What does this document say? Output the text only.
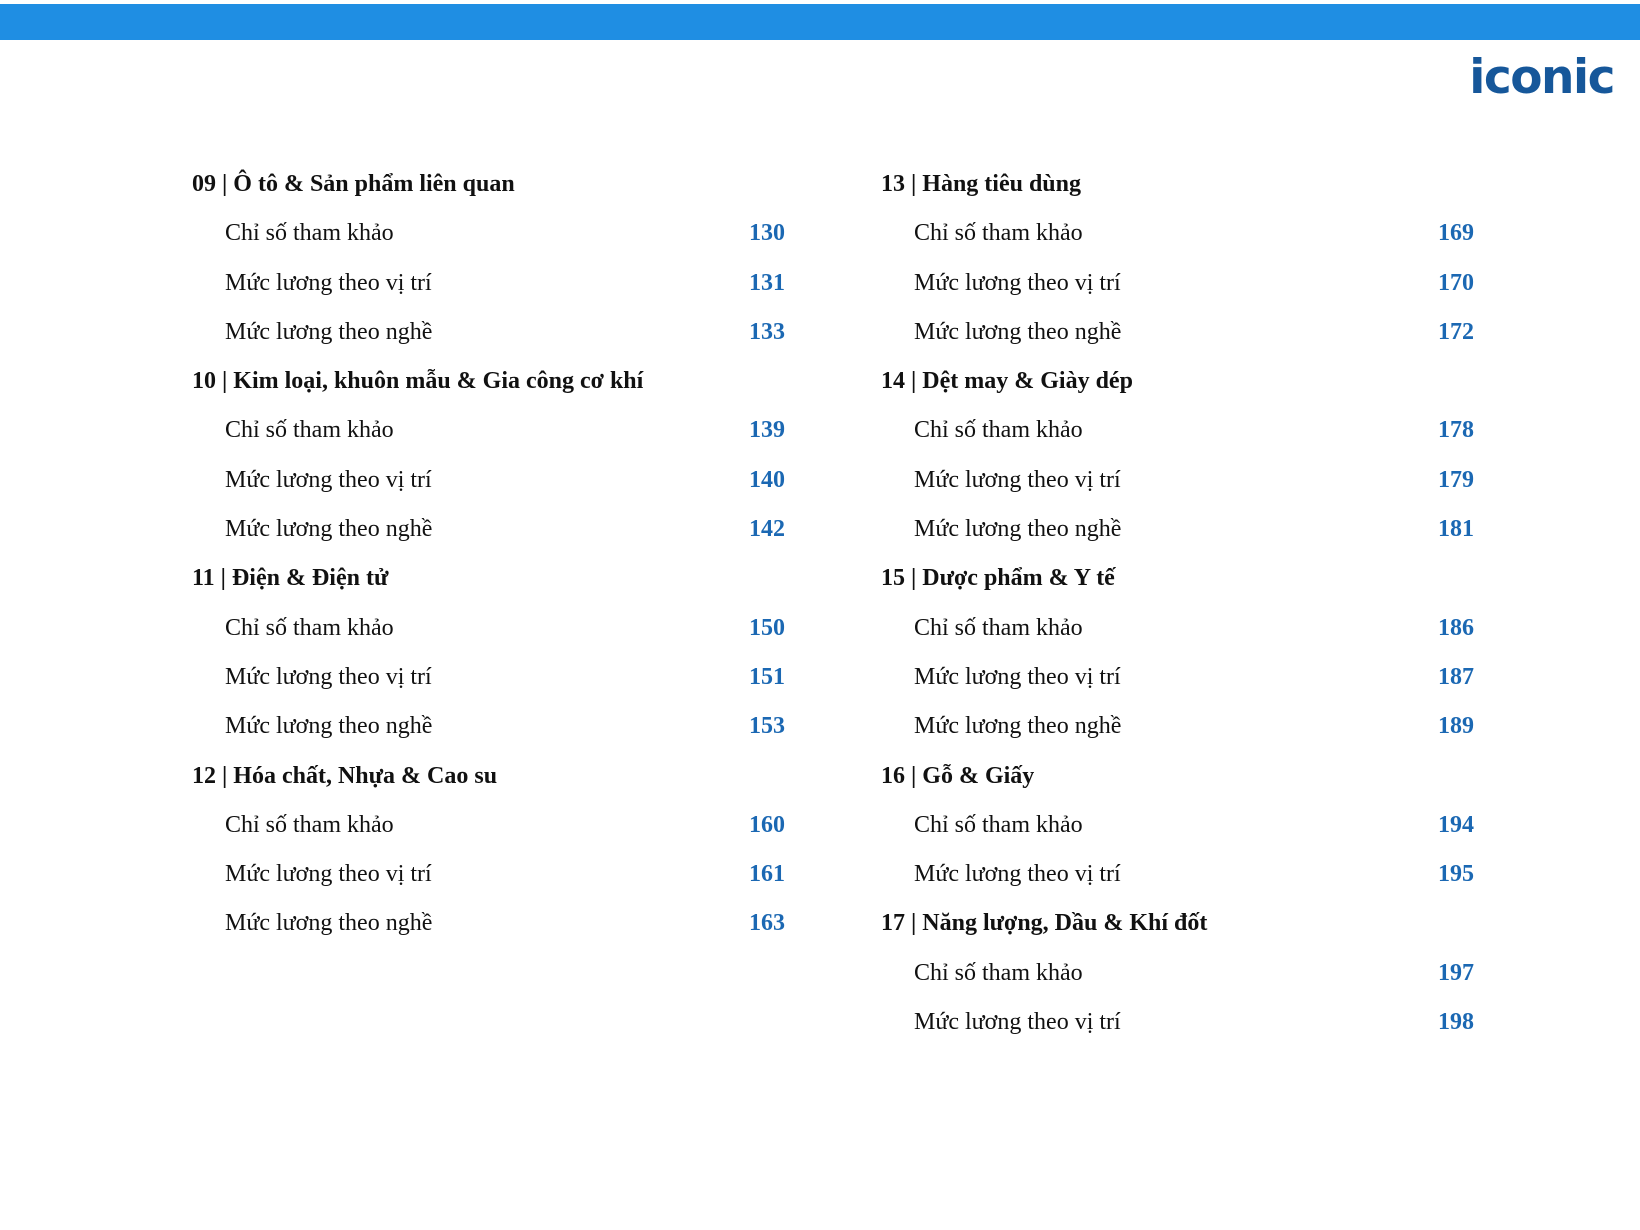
iconic
09 | Ô tô & Sản phẩm liên quan
Chỉ số tham khảo	130
Mức lương theo vị trí	131
Mức lương theo nghề	133
10 | Kim loại, khuôn mẫu & Gia công cơ khí
Chỉ số tham khảo	139
Mức lương theo vị trí	140
Mức lương theo nghề	142
11 | Điện & Điện tử
Chỉ số tham khảo	150
Mức lương theo vị trí	151
Mức lương theo nghề	153
12 | Hóa chất, Nhựa & Cao su
Chỉ số tham khảo	160
Mức lương theo vị trí	161
Mức lương theo nghề	163
13 | Hàng tiêu dùng
Chỉ số tham khảo	169
Mức lương theo vị trí	170
Mức lương theo nghề	172
14 | Dệt may & Giày dép
Chỉ số tham khảo	178
Mức lương theo vị trí	179
Mức lương theo nghề	181
15 | Dược phẩm & Y tế
Chỉ số tham khảo	186
Mức lương theo vị trí	187
Mức lương theo nghề	189
16 | Gỗ & Giấy
Chỉ số tham khảo	194
Mức lương theo vị trí	195
17 | Năng lượng, Dầu & Khí đốt
Chỉ số tham khảo	197
Mức lương theo vị trí	198
